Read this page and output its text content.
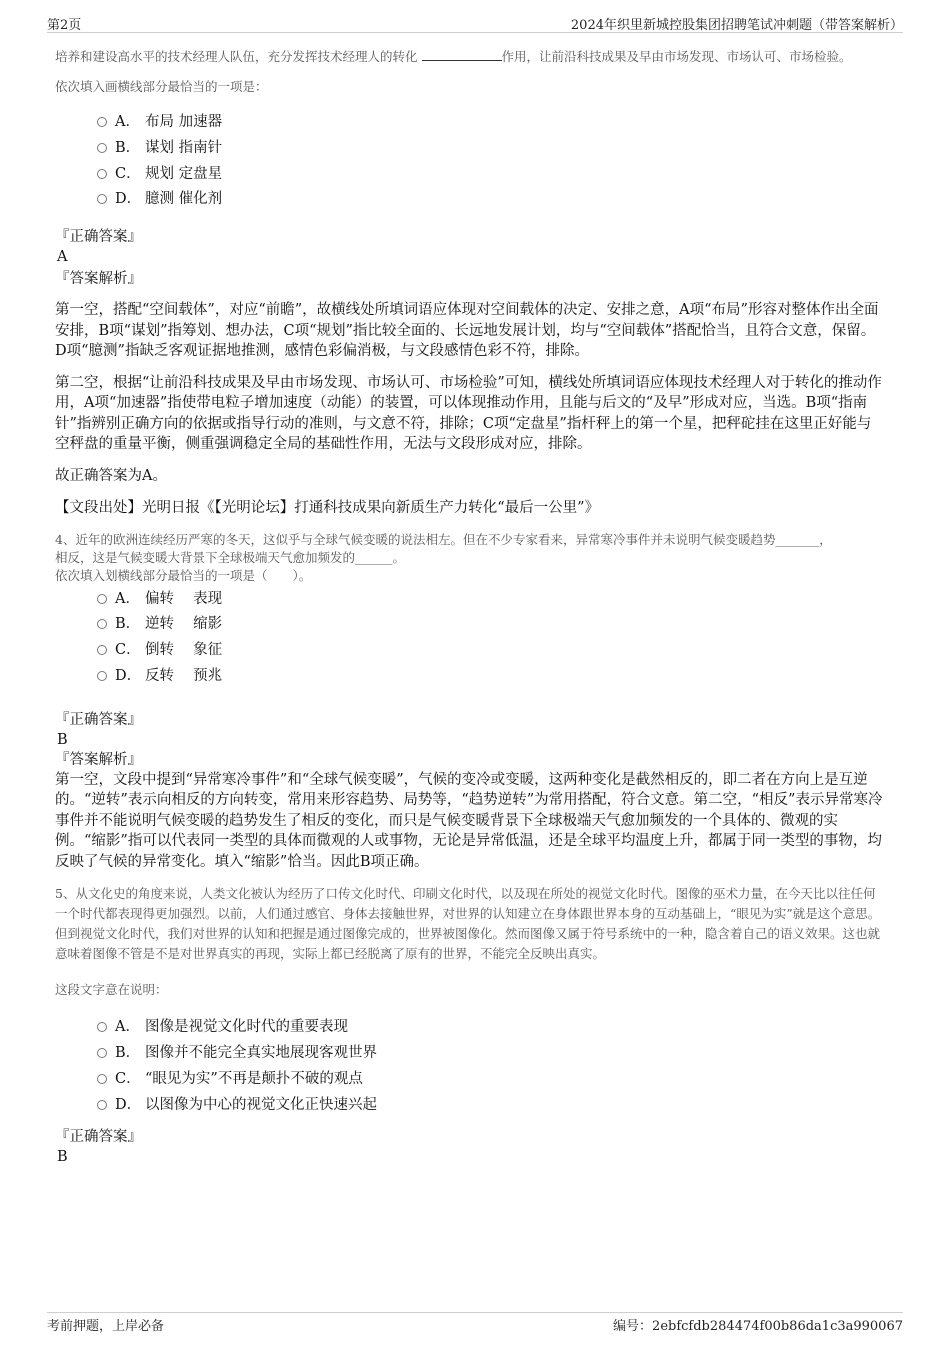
第2页	2024年织里新城控股集团招聘笔试冲刺题（带答案解析）

培养和建设高水平的技术经理人队伍，充分发挥技术经理人的转化	作用，让前沿科技成果及早由市场发现、市场认可、市场检验。

依次填入画横线部分最恰当的一项是：

A． 布局 加速器
B． 谋划 指南针
C． 规划 定盘星
D． 臆测 催化剂

『正确答案』

A

『答案解析』

第一空，搭配“空间载体”，对应“前瞻”，故横线处所填词语应体现对空间载体的决定、安排之意，A项“布局”形容对整体作出全面安排，B项“谋划”指筹划、想办法，C项“规划”指比较全面的、长远地发展计划，均与“空间载体”搭配恰当，且符合文意，保留。D项“臆测”指缺乏客观证据地推测，感情色彩偏消极，与文段感情色彩不符，排除。

第二空，根据“让前沿科技成果及早由市场发现、市场认可、市场检验”可知，横线处所填词语应体现技术经理人对于转化的推动作用，A项“加速器”指使带电粒子增加速度（动能）的装置，可以体现推动作用，且能与后文的“及早”形成对应，当选。B项“指南针”指辨别正确方向的依据或指导行动的准则，与文意不符，排除；C项“定盘星”指杆秤上的第一个星，把秤砣挂在这里正好能与空秤盘的重量平衡，侧重强调稳定全局的基础性作用，无法与文段形成对应，排除。

故正确答案为A。

【文段出处】光明日报《【光明论坛】打通科技成果向新质生产力转化“最后一公里”》

4、近年的欧洲连续经历严寒的冬天，这似乎与全球气候变暖的说法相左。但在不少专家看来，异常寒冷事件并未说明气候变暖趋势_______，

相反，这是气候变暖大背景下全球极端天气愈加频发的______。

依次填入划横线部分最恰当的一项是（　　）。

A． 偏转　 表现
B． 逆转　 缩影
C． 倒转　 象征
D． 反转　 预兆

『正确答案』

B

『答案解析』

第一空，文段中提到“异常寒冷事件”和“全球气候变暖”，气候的变冷或变暖，这两种变化是截然相反的，即二者在方向上是互逆的。“逆转”表示向相反的方向转变，常用来形容趋势、局势等，“趋势逆转”为常用搭配，符合文意。第二空，“相反”表示异常寒冷事件并不能说明气候变暖的趋势发生了相反的变化，而只是气候变暖背景下全球极端天气愈加频发的一个具体的、微观的实例。“缩影”指可以代表同一类型的具体而微观的人或事物，无论是异常低温，还是全球平均温度上升，都属于同一类型的事物，均反映了气候的异常变化。填入“缩影”恰当。因此B项正确。

5、从文化史的角度来说，人类文化被认为经历了口传文化时代、印刷文化时代，以及现在所处的视觉文化时代。图像的巫术力量，在今天比以往任何一个时代都表现得更加强烈。以前，人们通过感官、身体去接触世界，对世界的认知建立在身体跟世界本身的互动基础上，“眼见为实”就是这个意思。但到视觉文化时代，我们对世界的认知和把握是通过图像完成的，世界被图像化。然而图像又属于符号系统中的一种，隐含着自己的语义效果。这也就意味着图像不管是不是对世界真实的再现，实际上都已经脱离了原有的世界，不能完全反映出真实。

这段文字意在说明：

A． 图像是视觉文化时代的重要表现
B． 图像并不能完全真实地展现客观世界
C． “眼见为实”不再是颠扑不破的观点
D． 以图像为中心的视觉文化正快速兴起

『正确答案』

B

考前押题，上岸必备	编号：2ebfcfdb284474f00b86da1c3a990067
